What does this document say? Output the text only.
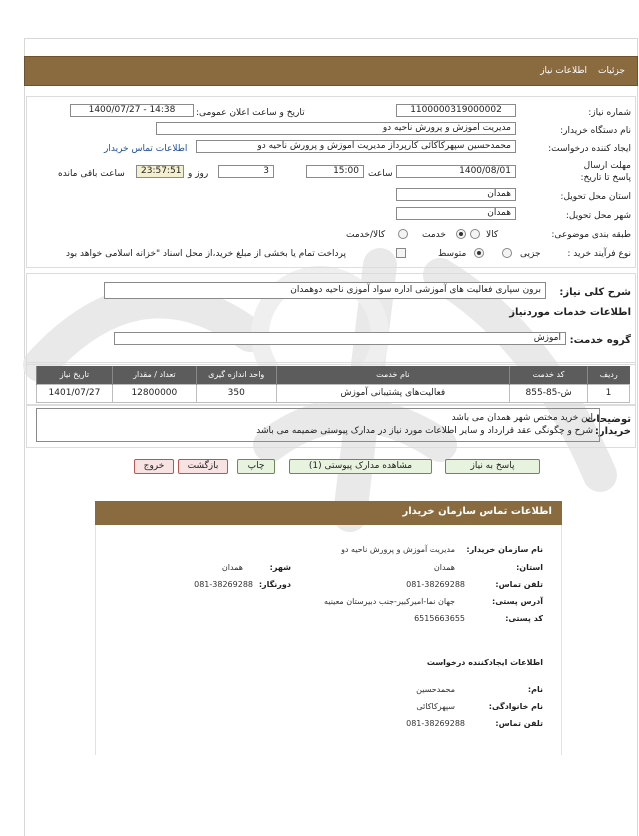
جزئیات
اطلاعات نیاز
شماره نیاز:
1100000319000002
تاریخ و ساعت اعلان عمومی:
1400/07/27 - 14:38
نام دستگاه خریدار:
مدیریت آموزش و پرورش ناحیه دو
ایجاد کننده درخواست:
محمدحسین سپهرکاکائی کارپرداز مدیریت آموزش و پرورش ناحیه دو
اطلاعات تماس خریدار
مهلت ارسال پاسخ تا تاریخ:
1400/08/01
ساعت
15:00
3
روز و
23:57:51
ساعت باقی مانده
استان محل تحویل:
همدان
شهر محل تحویل:
همدان
طبقه بندی موضوعی:
کالا
خدمت
کالا/خدمت
نوع فرآیند خرید :
جزیی
متوسط
پرداخت تمام یا بخشی از مبلغ خرید،از محل اسناد "خزانه اسلامی خواهد بود
شرح کلی نیاز:
برون سپاری فعالیت های آموزشی اداره سواد آموزی ناحیه دوهمدان
اطلاعات خدمات موردنیاز
گروه خدمت:
آموزش
تاریخ نیاز	تعداد / مقدار	واحد اندازه گیری	نام خدمت	کد خدمت	ردیف
1401/07/27	12800000	350	فعالیت‌های پشتیبانی آموزش	ش-85-855	1
توضیحات خریدار:
این خرید مختص شهر همدان می باشد
شرح و چگونگی عقد قرارداد و سایر اطلاعات مورد نیاز در مدارک پیوستی ضمیمه می باشد
پاسخ به نیاز
مشاهده مدارک پیوستی (1)
چاپ
بازگشت
خروج
اطلاعات تماس سازمان خریدار
نام سازمان خریدار:
مدیریت آموزش و پرورش ناحیه دو
استان:
همدان
شهر:
همدان
تلفن تماس:
081-38269288
دورنگار:
081-38269288
آدرس پستی:
جهان نما-امیرکبیر-جنب دبیرستان معینیه
کد پستی:
6515663655
اطلاعات ایجادکننده درخواست
نام:
محمدحسین
نام خانوادگی:
سپهرکاکائی
تلفن تماس:
081-38269288
